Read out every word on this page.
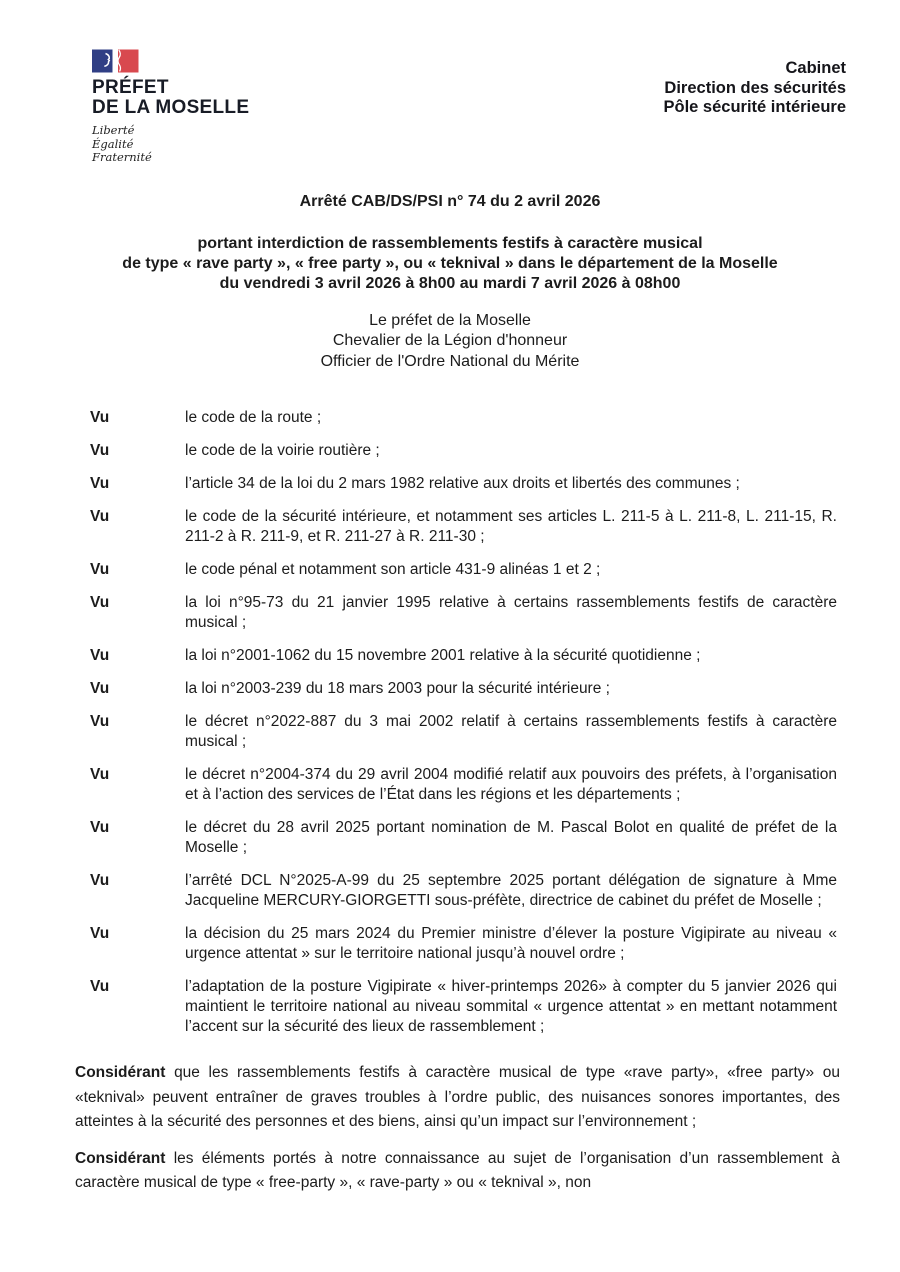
PRÉFET
DE LA MOSELLE
Liberté
Égalité
Fraternité
Cabinet
Direction des sécurités
Pôle sécurité intérieure
Arrêté CAB/DS/PSI n° 74 du 2 avril 2026
portant interdiction de rassemblements festifs à caractère musical
de type « rave party », « free party », ou « teknival » dans le département de la Moselle
du vendredi 3 avril 2026 à 8h00 au mardi 7 avril 2026 à 08h00
Le préfet de la Moselle
Chevalier de la Légion d'honneur
Officier de l'Ordre National du Mérite
Vu	le code de la route ;
Vu	le code de la voirie routière ;
Vu	l’article 34 de la loi du 2 mars 1982 relative aux droits et libertés des communes ;
Vu	le code de la sécurité intérieure, et notamment ses articles L. 211-5 à L. 211-8, L. 211-15, R. 211-2 à R. 211-9, et R. 211-27 à R. 211-30 ;
Vu	le code pénal et notamment son article 431-9 alinéas 1 et 2 ;
Vu	la loi n°95-73 du 21 janvier 1995 relative à certains rassemblements festifs de caractère musical ;
Vu	la loi n°2001-1062 du 15 novembre 2001 relative à la sécurité quotidienne ;
Vu	la loi n°2003-239 du 18 mars 2003 pour la sécurité intérieure ;
Vu	le décret n°2022-887 du 3 mai 2002 relatif à certains rassemblements festifs à caractère musical ;
Vu	le décret n°2004-374 du 29 avril 2004 modifié relatif aux pouvoirs des préfets, à l’organisation et à l’action des services de l’État dans les régions et les départements ;
Vu	le décret du 28 avril 2025 portant nomination de M. Pascal Bolot en qualité de préfet de la Moselle ;
Vu	l’arrêté DCL N°2025-A-99 du 25 septembre 2025 portant délégation de signature à Mme Jacqueline MERCURY-GIORGETTI sous-préfète, directrice de cabinet du préfet de Moselle ;
Vu	la décision du 25 mars 2024 du Premier ministre d’élever la posture Vigipirate au niveau « urgence attentat » sur le territoire national jusqu’à nouvel ordre ;
Vu	l’adaptation de la posture Vigipirate « hiver-printemps 2026» à compter du 5 janvier 2026 qui maintient le territoire national au niveau sommital « urgence attentat » en mettant notamment l’accent sur la sécurité des lieux de rassemblement ;

Considérant que les rassemblements festifs à caractère musical de type «rave party», «free party» ou «teknival» peuvent entraîner de graves troubles à l’ordre public, des nuisances sonores importantes, des atteintes à la sécurité des personnes et des biens, ainsi qu’un impact sur l’environnement ;

Considérant les éléments portés à notre connaissance au sujet de l’organisation d’un rassemblement à caractère musical de type « free-party », « rave-party » ou « teknival », non
